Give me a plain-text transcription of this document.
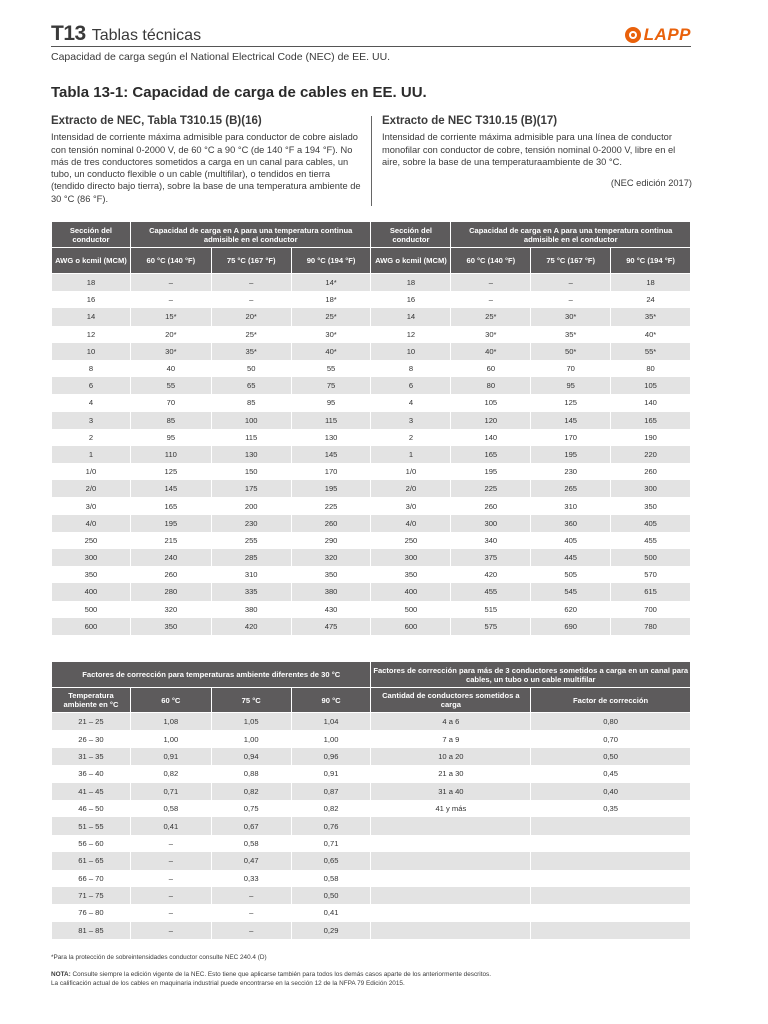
T13 Tablas técnicas	LAPP
Capacidad de carga según el National Electrical Code (NEC) de EE. UU.
Tabla 13-1: Capacidad de carga de cables en EE. UU.
Extracto de NEC, Tabla T310.15 (B)(16)

Intensidad de corriente máxima admisible para conductor de cobre aislado con tensión nominal 0-2000 V, de 60 °C a 90 °C (de 140 °F a 194 °F). No más de tres conductores sometidos a carga en un canal para cables, un tubo, un conducto flexible o un cable (multifilar), o tendidos en tierra (tendido directo bajo tierra), sobre la base de una temperatura ambiente de 30 °C (86 °F).

Extracto de NEC T310.15 (B)(17)

Intensidad de corriente máxima admisible para una línea de conductor monofilar con conductor de cobre, tensión nominal 0-2000 V, libre en el aire, sobre la base de una temperaturaambiente de 30 °C.

(NEC edición 2017)

Sección del conductor	Capacidad de carga en A para una temperatura continua admisible en el conductor			Sección del conductor	Capacidad de carga en A para una temperatura continua admisible en el conductor		
AWG o kcmil (MCM)	60 °C (140 °F)	75 °C (167 °F)	90 °C (194 °F)	AWG o kcmil (MCM)	60 °C (140 °F)	75 °C (167 °F)	90 °C (194 °F)
18	–	–	14*	18	–	–	18
16	–	–	18*	16	–	–	24
14	15*	20*	25*	14	25*	30*	35*
12	20*	25*	30*	12	30*	35*	40*
10	30*	35*	40*	10	40*	50*	55*
8	40	50	55	8	60	70	80
6	55	65	75	6	80	95	105
4	70	85	95	4	105	125	140
3	85	100	115	3	120	145	165
2	95	115	130	2	140	170	190
1	110	130	145	1	165	195	220
1/0	125	150	170	1/0	195	230	260
2/0	145	175	195	2/0	225	265	300
3/0	165	200	225	3/0	260	310	350
4/0	195	230	260	4/0	300	360	405
250	215	255	290	250	340	405	455
300	240	285	320	300	375	445	500
350	260	310	350	350	420	505	570
400	280	335	380	400	455	545	615
500	320	380	430	500	515	620	700
600	350	420	475	600	575	690	780
Factores de corrección para temperaturas ambiente diferentes de 30 °C				Factores de corrección para más de 3 conductores sometidos a carga en un canal para cables, un tubo o un cable multifilar	
Temperatura ambiente en °C	60 °C	75 °C	90 °C	Cantidad de conductores sometidos a carga	Factor de corrección
21 – 25	1,08	1,05	1,04	4 a 6	0,80
26 – 30	1,00	1,00	1,00	7 a 9	0,70
31 – 35	0,91	0,94	0,96	10 a 20	0,50
36 – 40	0,82	0,88	0,91	21 a 30	0,45
41 – 45	0,71	0,82	0,87	31 a 40	0,40
46 – 50	0,58	0,75	0,82	41 y más	0,35
51 – 55	0,41	0,67	0,76		
56 – 60	–	0,58	0,71		
61 – 65	–	0,47	0,65		
66 – 70	–	0,33	0,58		
71 – 75	–	–	0,50		
76 – 80	–	–	0,41		
81 – 85	–	–	0,29		
*Para la protección de sobreintensidades conductor consulte NEC 240.4 (D)
NOTA: Consulte siempre la edición vigente de la NEC. Esto tiene que aplicarse también para todos los demás casos aparte de los anteriormente descritos.
La calificación actual de los cables en maquinaria industrial puede encontrarse en la sección 12 de la NFPA 79 Edición 2015.
